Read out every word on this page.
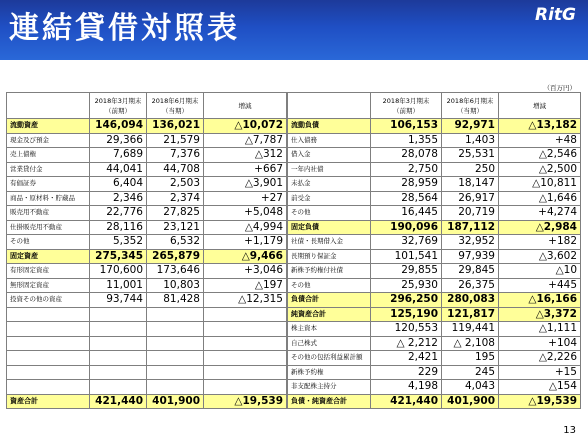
連結貸借対照表	RitG
（百万円）
	2018年3月期末
（前期）	2018年6月期末
（当期）	増減			2018年3月期末
（前期）	2018年6月期末
（当期）	増減
流動資産	146,094	136,021	△10,072		流動負債	106,153	92,971	△13,182
現金及び預金	29,366	21,579	△7,787		仕入債務	1,355	1,403	+48
売上債権	7,689	7,376	△312		借入金	28,078	25,531	△2,546
営業貸付金	44,041	44,708	+667		一年内社債	2,750	250	△2,500
有価証券	6,404	2,503	△3,901		未払金	28,959	18,147	△10,811
商品・原材料・貯蔵品	2,346	2,374	+27		前受金	28,564	26,917	△1,646
販売用不動産	22,776	27,825	+5,048		その他	16,445	20,719	+4,274
仕掛販売用不動産	28,116	23,121	△4,994		固定負債	190,096	187,112	△2,984
その他	5,352	6,532	+1,179		社債・長期借入金	32,769	32,952	+182
固定資産	275,345	265,879	△9,466		長期預り保証金	101,541	97,939	△3,602
有形固定資産	170,600	173,646	+3,046		新株予約権付社債	29,855	29,845	△10
無形固定資産	11,001	10,803	△197		その他	25,930	26,375	+445
投資その他の資産	93,744	81,428	△12,315		負債合計	296,250	280,083	△16,166
					純資産合計	125,190	121,817	△3,372
					株主資本	120,553	119,441	△1,111
					自己株式	△ 2,212	△ 2,108	+104
					その他の包括利益累計額	2,421	195	△2,226
					新株予約権	229	245	+15
					非支配株主持分	4,198	4,043	△154
資産合計	421,440	401,900	△19,539		負債・純資産合計	421,440	401,900	△19,539
13
